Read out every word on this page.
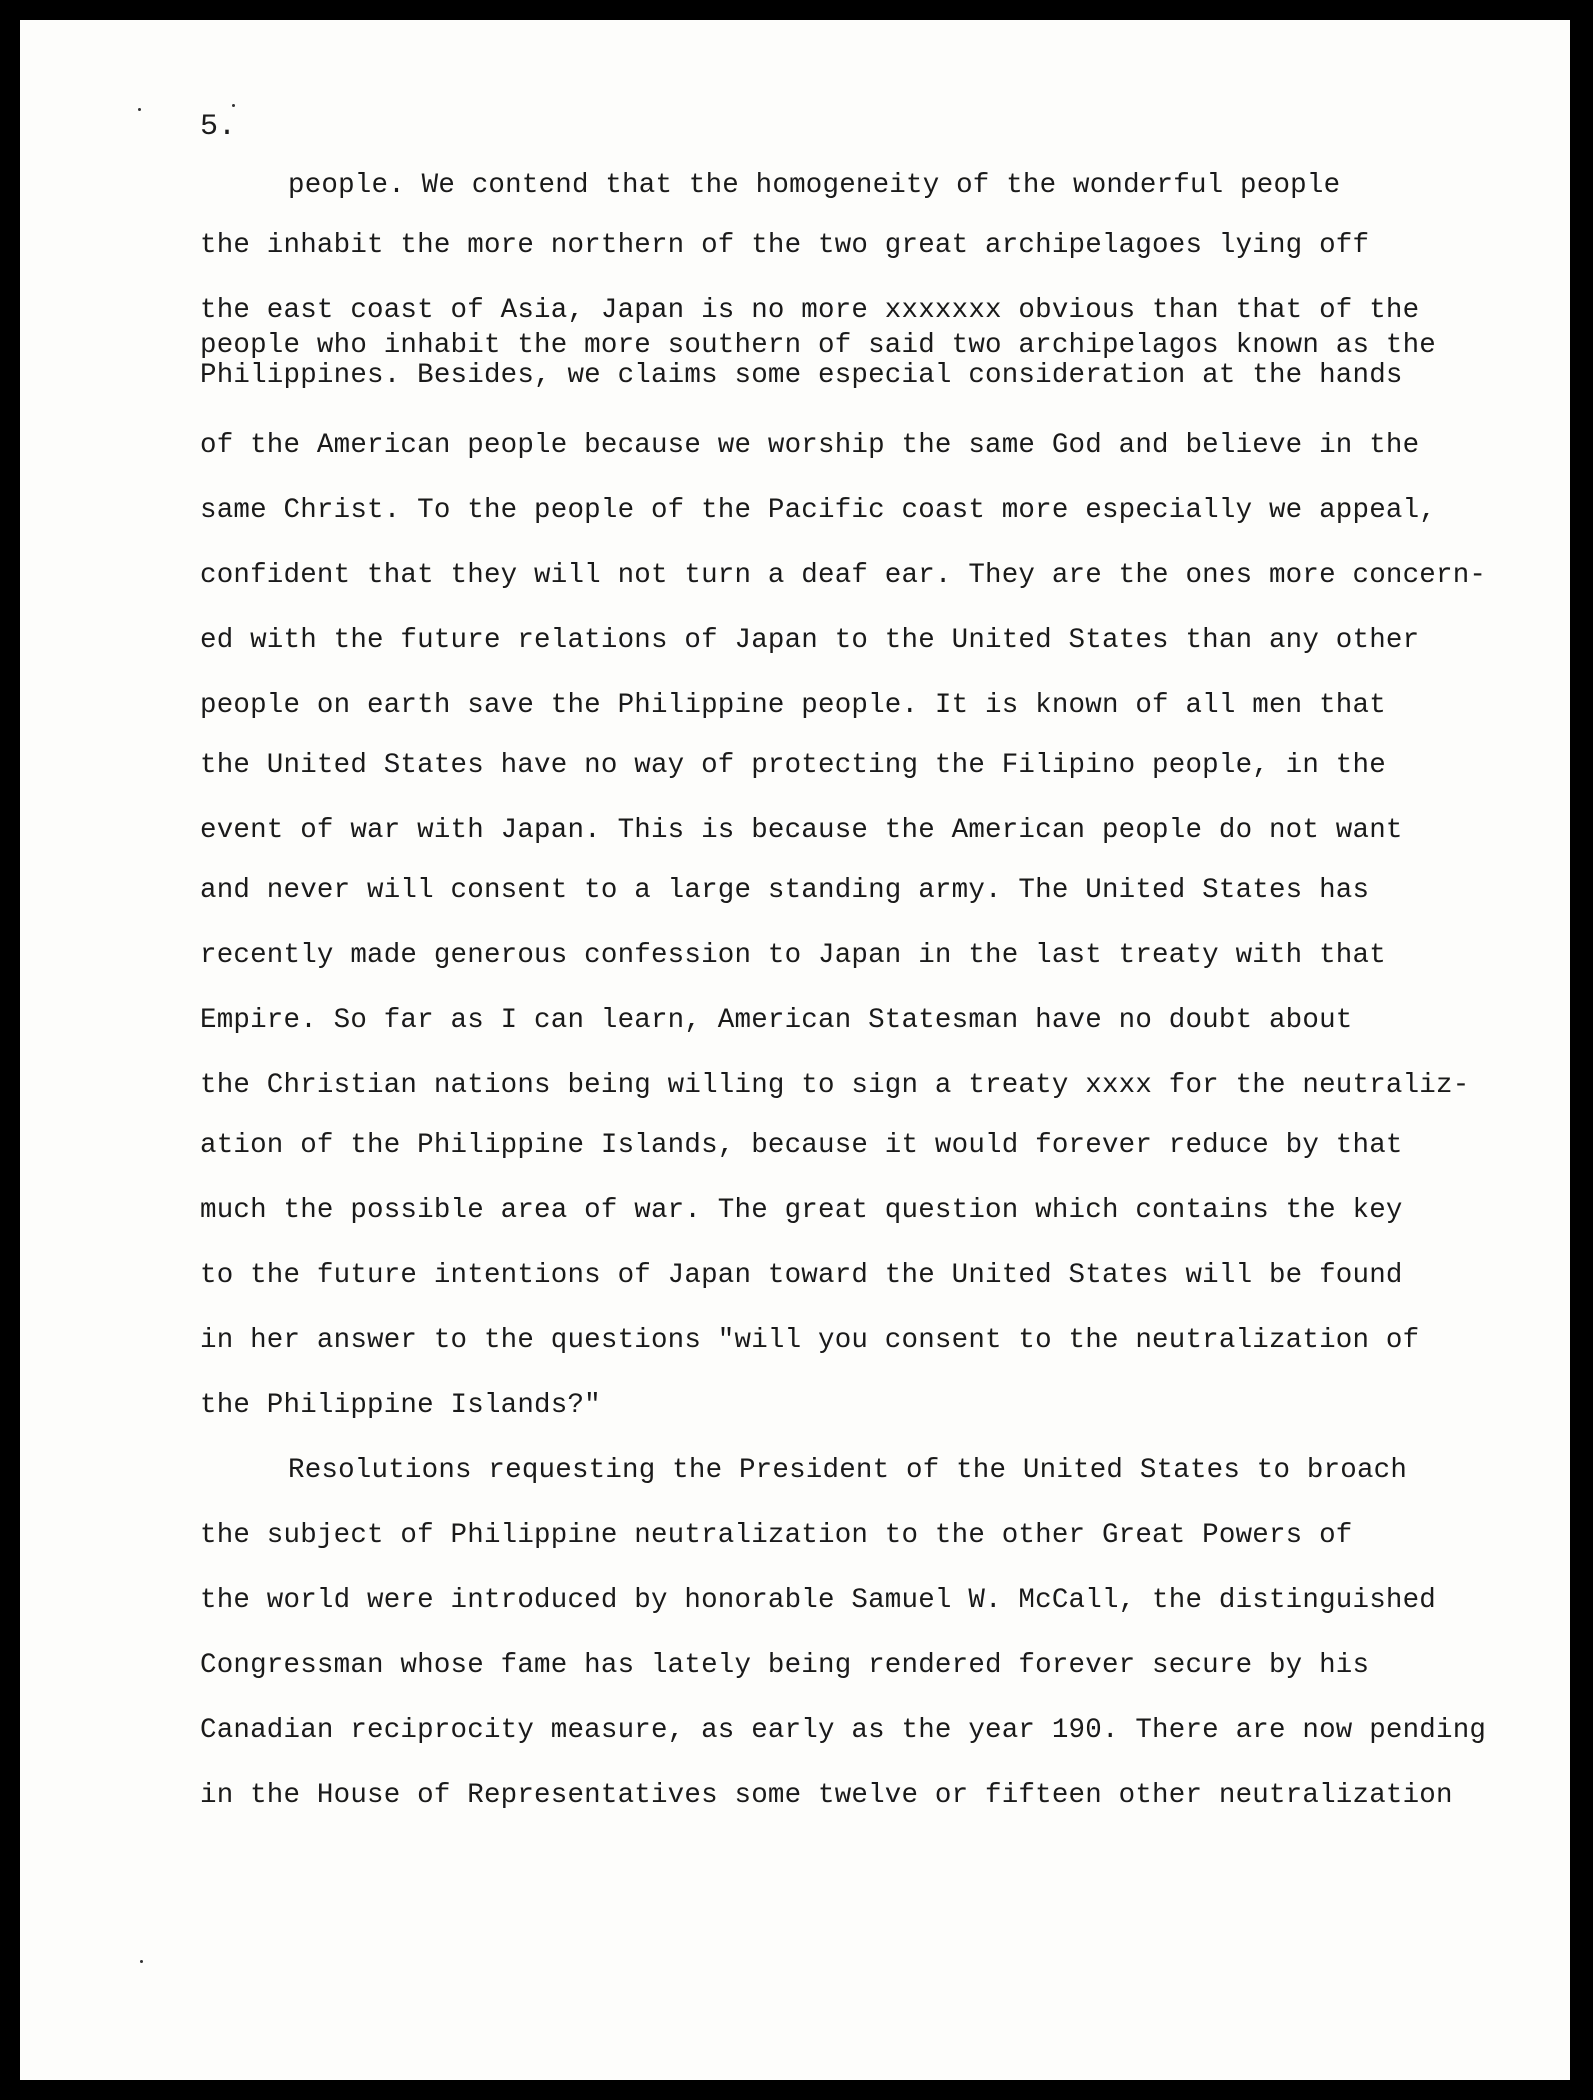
5.
people. We contend that the homogeneity of the wonderful people
the inhabit the more northern of the two great archipelagoes lying off
the east coast of Asia, Japan is no more xxxxxxx obvious than that of the
people who inhabit the more southern of said two archipelagos known as the
Philippines. Besides, we claims some especial consideration at the hands
of the American people because we worship the same God and believe in the
same Christ. To the people of the Pacific coast more especially we appeal,
confident that they will not turn a deaf ear. They are the ones more concern-
ed with the future relations of Japan to the United States than any other
people on earth save the Philippine people. It is known of all men that
the United States have no way of protecting the Filipino people, in the
event of war with Japan. This is because the American people do not want
and never will consent to a large standing army. The United States has
recently made generous confession to Japan in the last treaty with that
Empire. So far as I can learn, American Statesman have no doubt about
the Christian nations being willing to sign a treaty xxxx for the neutraliz-
ation of the Philippine Islands, because it would forever reduce by that
much the possible area of war. The great question which contains the key
to the future intentions of Japan toward the United States will be found
in her answer to the questions "will you consent to the neutralization of
the Philippine Islands?"
Resolutions requesting the President of the United States to broach
the subject of Philippine neutralization to the other Great Powers of
the world were introduced by honorable Samuel W. McCall, the distinguished
Congressman whose fame has lately being rendered forever secure by his
Canadian reciprocity measure, as early as the year 190. There are now pending
in the House of Representatives some twelve or fifteen other neutralization
